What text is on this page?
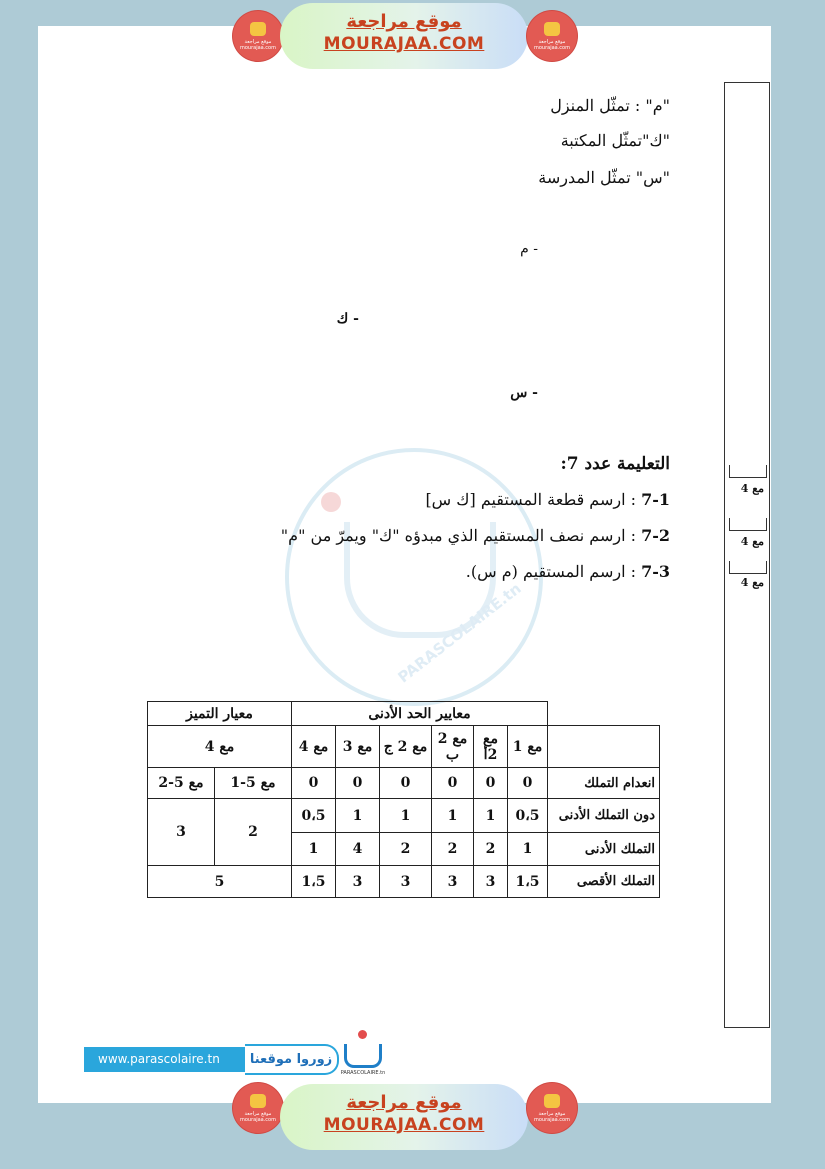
موقع مراجعة mourajaa.com
موقع مراجعة
MOURAJAA.COM	موقع مراجعة mourajaa.com
مع 4
مع 4
مع 4
PARASCOLAIRE.tn
"م" : تمثّل المنزل
"ك"تمثّل المكتبة
"س" تمثّل المدرسة
- م
- ك
- س
التعليمة عدد 7:
7-1 : ارسم قطعة المستقيم [ك س]
7-2 : ارسم نصف المستقيم الذي مبدؤه "ك" ويمرّ من "م"
7-3 : ارسم المستقيم (م س).
	معايير الحد الأدنى						معيار التميز	
	مع 1	مع 2أ	مع 2 ب	مع 2 ج	مع 3	مع 4	مع 4	
انعدام التملك	0	0	0	0	0	0	مع 5-1	مع 5-2
دون التملك الأدنى	0،5	1	1	1	1	0،5	2	3
التملك الأدنى	1	2	2	2	4	1		
التملك الأقصى	1،5	3	3	3	3	1،5	5	
www.parascolaire.tn	زوروا موقعنا
PARASCOLAIRE.tn
موقع مراجعة mourajaa.com
موقع مراجعة
MOURAJAA.COM
موقع مراجعة mourajaa.com
